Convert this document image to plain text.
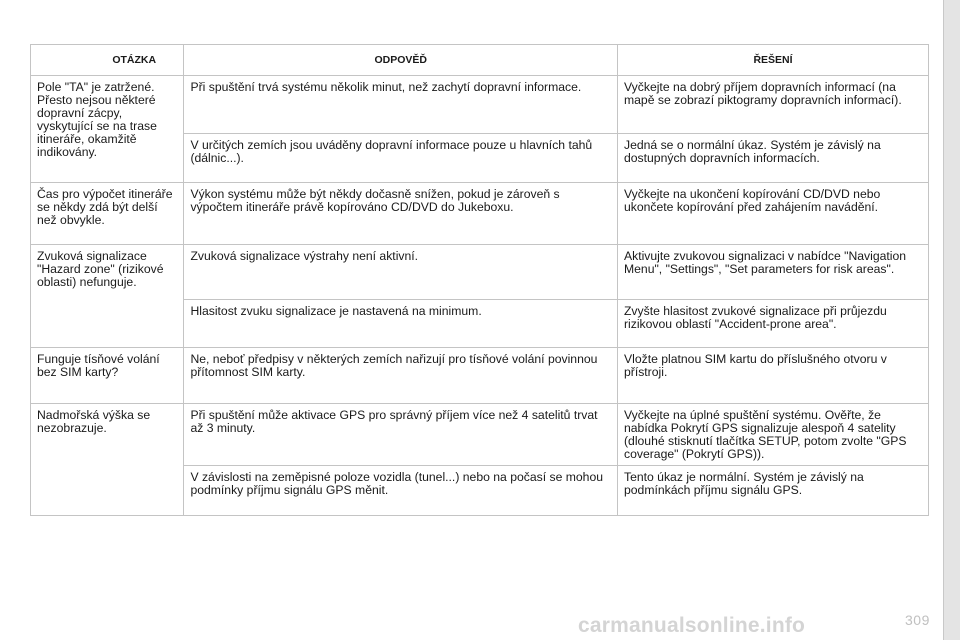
OTÁZKA	ODPOVĚĎ	ŘEŠENÍ
Pole "TA" je zatržené. Přesto nejsou některé dopravní zácpy, vyskytující se na trase itineráře, okamžitě indikovány.	Při spuštění trvá systému několik minut, než zachytí dopravní informace.	Vyčkejte na dobrý příjem dopravních informací (na mapě se zobrazí piktogramy dopravních informací).
	V určitých zemích jsou uváděny dopravní informace pouze u hlavních tahů (dálnic...).	Jedná se o normální úkaz. Systém je závislý na dostupných dopravních informacích.
Čas pro výpočet itineráře se někdy zdá být delší než obvykle.	Výkon systému může být někdy dočasně snížen, pokud je zároveň s výpočtem itineráře právě kopírováno CD/DVD do Jukeboxu.	Vyčkejte na ukončení kopírování CD/DVD nebo ukončete kopírování před zahájením navádění.
Zvuková signalizace "Hazard zone" (rizikové oblasti) nefunguje.	Zvuková signalizace výstrahy není aktivní.	Aktivujte zvukovou signalizaci v nabídce "Navigation Menu", "Settings", "Set parameters for risk areas".
	Hlasitost zvuku signalizace je nastavená na minimum.	Zvyšte hlasitost zvukové signalizace při průjezdu rizikovou oblastí "Accident-prone area".
Funguje tísňové volání bez SIM karty?	Ne, neboť předpisy v některých zemích nařizují pro tísňové volání povinnou přítomnost SIM karty.	Vložte platnou SIM kartu do příslušného otvoru v přístroji.
Nadmořská výška se nezobrazuje.	Při spuštění může aktivace GPS pro správný příjem více než 4 satelitů trvat až 3 minuty.	Vyčkejte na úplné spuštění systému. Ověřte, že nabídka Pokrytí GPS signalizuje alespoň 4 satelity (dlouhé stisknutí tlačítka SETUP, potom zvolte "GPS coverage" (Pokrytí GPS)).
	V závislosti na zeměpisné poloze vozidla (tunel...) nebo na počasí se mohou podmínky příjmu signálu GPS měnit.	Tento úkaz je normální. Systém je závislý na podmínkách příjmu signálu GPS.
carmanualsonline.info	309
